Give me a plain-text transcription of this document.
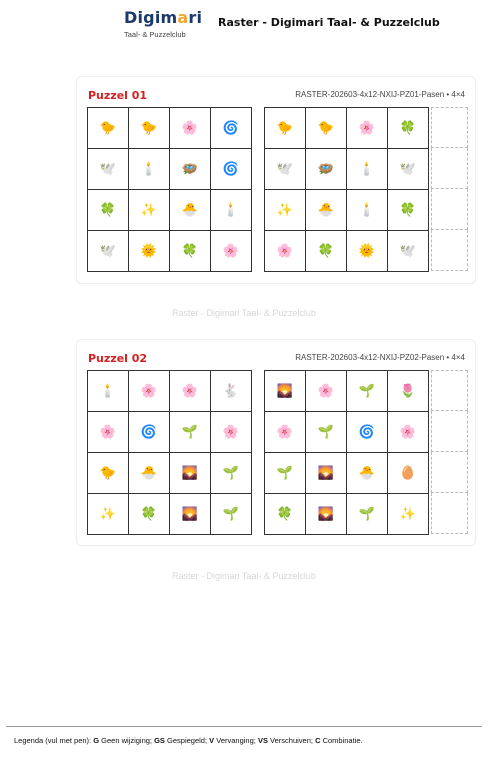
Digimari
Taal- & Puzzelclub
Raster - Digimari Taal- & Puzzelclub
Puzzel 01	RASTER-202603-4x12-NXIJ-PZ01-Pasen • 4×4
🐤	🐤	🌸	🌀
🕊️	🕯️	🪺	🌀
🍀	✨	🐣	🕯️
🕊️	🌞	🍀	🌸
🐤	🐤	🌸	🍀
🕊️	🪺	🕯️	🕊️
✨	🐣	🕯️	🍀
🌸	🍀	🌞	🕊️
Raster - Digimari Taal- & Puzzelclub
Puzzel 02	RASTER-202603-4x12-NXIJ-PZ02-Pasen • 4×4
🕯️	🌸	🌸	🐇
🌸	🌀	🌱	🌸
🐤	🐣	🌄	🌱
✨	🍀	🌄	🌱
🌄	🌸	🌱	🌷
🌸	🌱	🌀	🌸
🌱	🌄	🐣	🥚
🍀	🌄	🌱	✨
Raster - Digimari Taal- & Puzzelclub
Legenda (vul met pen): G Geen wijziging; GS Gespiegeld; V Vervanging; VS Verschuiven; C Combinatie.
